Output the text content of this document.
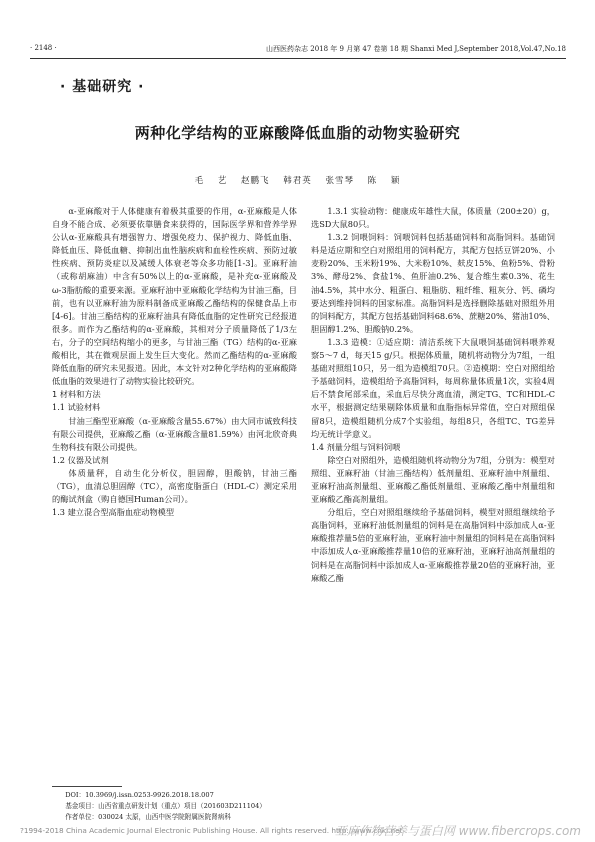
· 2148 ·	山西医药杂志 2018 年 9 月第 47 卷第 18 期 Shanxi Med J,September 2018,Vol.47,No.18
· 基础研究 ·
两种化学结构的亚麻酸降低血脂的动物实验研究
毛 艺 赵鹏飞 韩君英 张雪琴 陈 颖

α-亚麻酸对于人体健康有着极其重要的作用，α-亚麻酸是人体自身不能合成、必须要依靠膳食来获得的，国际医学界和营养学界公认α-亚麻酸具有增强智力、增强免疫力、保护视力、降低血脂、降低血压、降低血糖、抑制出血性脑疾病和血栓性疾病、预防过敏性疾病、预防炎症以及减缓人体衰老等众多功能[1-3]。亚麻籽油（或称胡麻油）中含有50%以上的α-亚麻酸，是补充α-亚麻酸及ω-3脂肪酸的重要来源。亚麻籽油中亚麻酸化学结构为甘油三酯，目前，也有以亚麻籽油为原料制备成亚麻酸乙酯结构的保健食品上市[4-6]。甘油三酯结构的亚麻籽油具有降低血脂的定性研究已经报道很多。而作为乙酯结构的α-亚麻酸，其相对分子质量降低了1/3左右，分子的空间结构缩小的更多，与甘油三酯（TG）结构的α-亚麻酸相比，其在微观层面上发生巨大变化。然而乙酯结构的α-亚麻酸降低血脂的研究未见报道。因此，本文针对2种化学结构的亚麻酸降低血脂的效果进行了动物实验比较研究。

1 材料和方法

1.1 试验材料

甘油三酯型亚麻酸（α-亚麻酸含量55.67%）由大同市诚致科技有限公司提供，亚麻酸乙酯（α-亚麻酸含量81.59%）由河北欣奇典生物科技有限公司提供。

1.2 仪器及试剂

体质量秤，自动生化分析仪，胆固醇，胆酸钠，甘油三酯（TG），血清总胆固醇（TC），高密度脂蛋白（HDL-C）测定采用的酶试剂盒（购自德国Human公司）。

1.3 建立混合型高脂血症动物模型

DOI：10.3969/j.issn.0253-9926.2018.18.007

基金项目：山西省重点研发计划（重点）项目（201603D211104）

作者单位：030024 太原，山西中医学院附属医院肾病科

1.3.1 实验动物：健康成年雄性大鼠，体质量（200±20）g，选SD大鼠80只。

1.3.2 饲喂饲料：饲喂饲料包括基础饲料和高脂饲料。基础饲料是适应期和空白对照组用的饲料配方，其配方包括豆饼20%、小麦粉20%、玉米粉19%、大米粉10%、麸皮15%、鱼粉5%、骨粉3%、酵母2%、食盐1%、鱼肝油0.2%、复合维生素0.3%、花生油4.5%，其中水分、粗蛋白、粗脂肪、粗纤维、粗灰分、钙、磷均要达到维持饲料的国家标准。高脂饲料是选择删除基础对照组外用的饲料配方，其配方包括基础饲料68.6%、蔗糖20%、猪油10%、胆固醇1.2%、胆酸钠0.2%。

1.3.3 造模：①适应期：清洁系统下大鼠喂饲基础饲料喂养观察5～7 d，每天15 g/只。根据体质量，随机将动物分为7组，一组基础对照组10只，另一组为造模组70只。②造模期：空白对照组给予基础饲料，造模组给予高脂饲料，每周称量体质量1次，实验4周后不禁食尾部采血，采血后尽快分离血清，测定TG、TC和HDL-C水平，根据测定结果剔除体质量和血脂指标异常值，空白对照组保留8只，造模组随机分成7个实验组，每组8只，各组TC、TG差异均无统计学意义。

1.4 剂量分组与饲料饲喂

除空白对照组外，造模组随机将动物分为7组，分别为：模型对照组、亚麻籽油（甘油三酯结构）低剂量组、亚麻籽油中剂量组、亚麻籽油高剂量组、亚麻酸乙酯低剂量组、亚麻酸乙酯中剂量组和亚麻酸乙酯高剂量组。

分组后，空白对照组继续给予基础饲料，模型对照组继续给予高脂饲料，亚麻籽油低剂量组的饲料是在高脂饲料中添加成人α-亚麻酸推荐量5倍的亚麻籽油，亚麻籽油中剂量组的饲料是在高脂饲料中添加成人α-亚麻酸推荐量10倍的亚麻籽油，亚麻籽油高剂量组的饲料是在高脂饲料中添加成人α-亚麻酸推荐量20倍的亚麻籽油，亚麻酸乙酯

?1994-2018 China Academic Journal Electronic Publishing House. All rights reserved. http://www.cnki.net
亚麻作物营养与蛋白网 www.fibercrops.com
